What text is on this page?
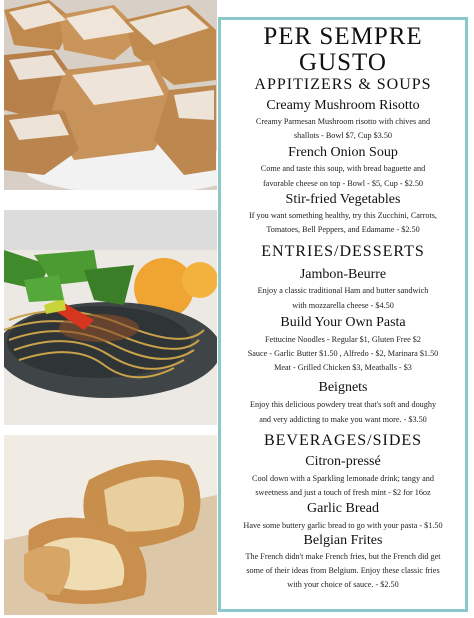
PER SEMPRE
GUSTO
APPITIZERS & SOUPS
Creamy Mushroom Risotto
Creamy Parmesan Mushroom risotto with chives and
shallots - Bowl $7, Cup $3.50
French Onion Soup
Come and taste this soup, with bread baguette and
favorable cheese on top - Bowl - $5, Cup - $2.50
Stir-fried Vegetables
If you want something healthy, try this Zucchini, Carrots,
Tomatoes, Bell Peppers, and Edamame - $2.50
ENTRIES/DESSERTS
Jambon-Beurre
Enjoy a classic traditional Ham and butter sandwich
with mozzarella cheese - $4.50
Build Your Own Pasta
Fettucine Noodles - Regular $1, Gluten Free $2
Sauce - Garlic Butter $1.50 , Alfredo - $2, Marinara $1.50
Meat - Grilled Chicken $3, Meatballs - $3
Beignets
Enjoy this delicious powdery treat that's soft and doughy
and very addicting to make you want more. - $3.50
BEVERAGES/SIDES
Citron-pressé
Cool down with a Sparkling lemonade drink; tangy and
sweetness and just a touch of fresh mint - $2 for 16oz
Garlic Bread
Have some buttery garlic bread to go with your pasta - $1.50
Belgian Frites
The French didn't make French fries, but the French did get
some of their ideas from Belgium. Enjoy these classic fries
with your choice of sauce. - $2.50
